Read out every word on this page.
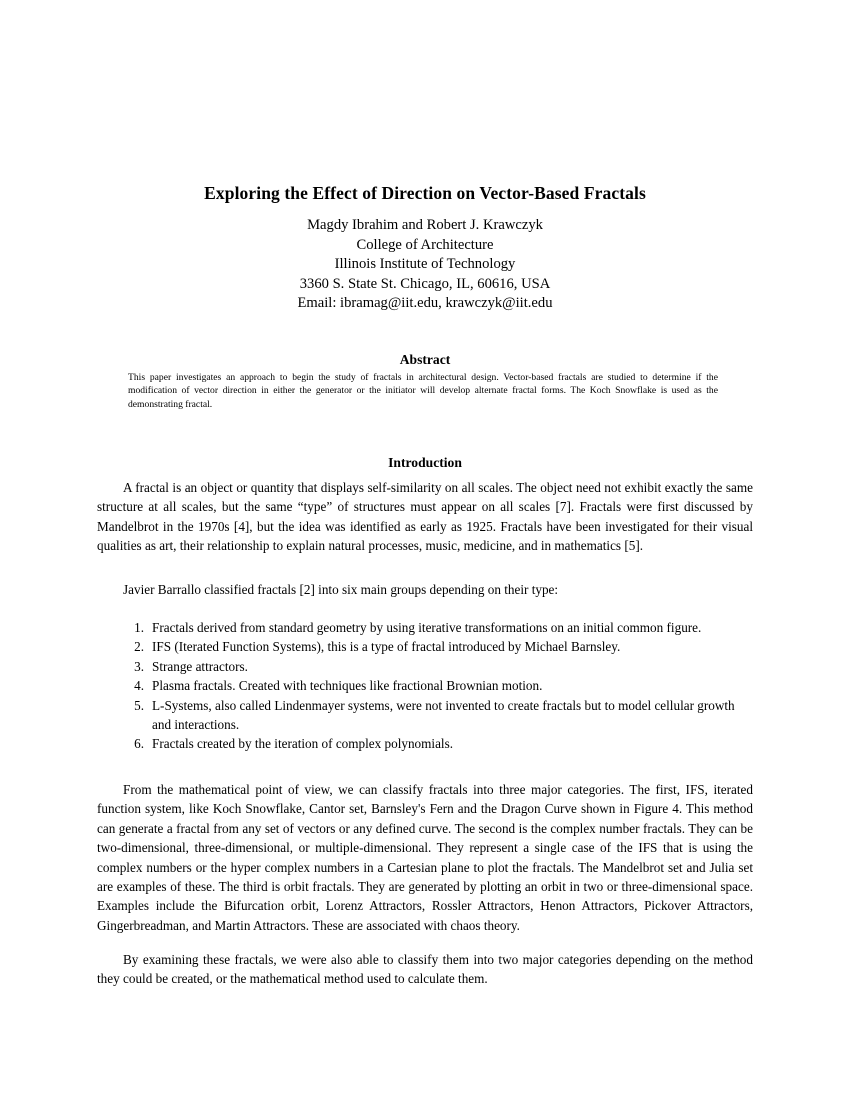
Exploring the Effect of Direction on Vector-Based Fractals
Magdy Ibrahim and Robert J. Krawczyk
College of Architecture
Illinois Institute of Technology
3360 S. State St. Chicago, IL, 60616, USA
Email: ibramag@iit.edu, krawczyk@iit.edu
Abstract
This paper investigates an approach to begin the study of fractals in architectural design. Vector-based fractals are studied to determine if the modification of vector direction in either the generator or the initiator will develop alternate fractal forms. The Koch Snowflake is used as the demonstrating fractal.
Introduction

A fractal is an object or quantity that displays self-similarity on all scales. The object need not exhibit exactly the same structure at all scales, but the same “type” of structures must appear on all scales [7]. Fractals were first discussed by Mandelbrot in the 1970s [4], but the idea was identified as early as 1925. Fractals have been investigated for their visual qualities as art, their relationship to explain natural processes, music, medicine, and in mathematics [5].

Javier Barrallo classified fractals [2] into six main groups depending on their type:

1. Fractals derived from standard geometry by using iterative transformations on an initial common figure.
2. IFS (Iterated Function Systems), this is a type of fractal introduced by Michael Barnsley.
3. Strange attractors.
4. Plasma fractals. Created with techniques like fractional Brownian motion.
5. L-Systems, also called Lindenmayer systems, were not invented to create fractals but to model cellular growth and interactions.
6. Fractals created by the iteration of complex polynomials.

From the mathematical point of view, we can classify fractals into three major categories. The first, IFS, iterated function system, like Koch Snowflake, Cantor set, Barnsley's Fern and the Dragon Curve shown in Figure 4. This method can generate a fractal from any set of vectors or any defined curve. The second is the complex number fractals. They can be two-dimensional, three-dimensional, or multiple-dimensional. They represent a single case of the IFS that is using the complex numbers or the hyper complex numbers in a Cartesian plane to plot the fractals. The Mandelbrot set and Julia set are examples of these. The third is orbit fractals. They are generated by plotting an orbit in two or three-dimensional space. Examples include the Bifurcation orbit, Lorenz Attractors, Rossler Attractors, Henon Attractors, Pickover Attractors, Gingerbreadman, and Martin Attractors. These are associated with chaos theory.

By examining these fractals, we were also able to classify them into two major categories depending on the method they could be created, or the mathematical method used to calculate them.
